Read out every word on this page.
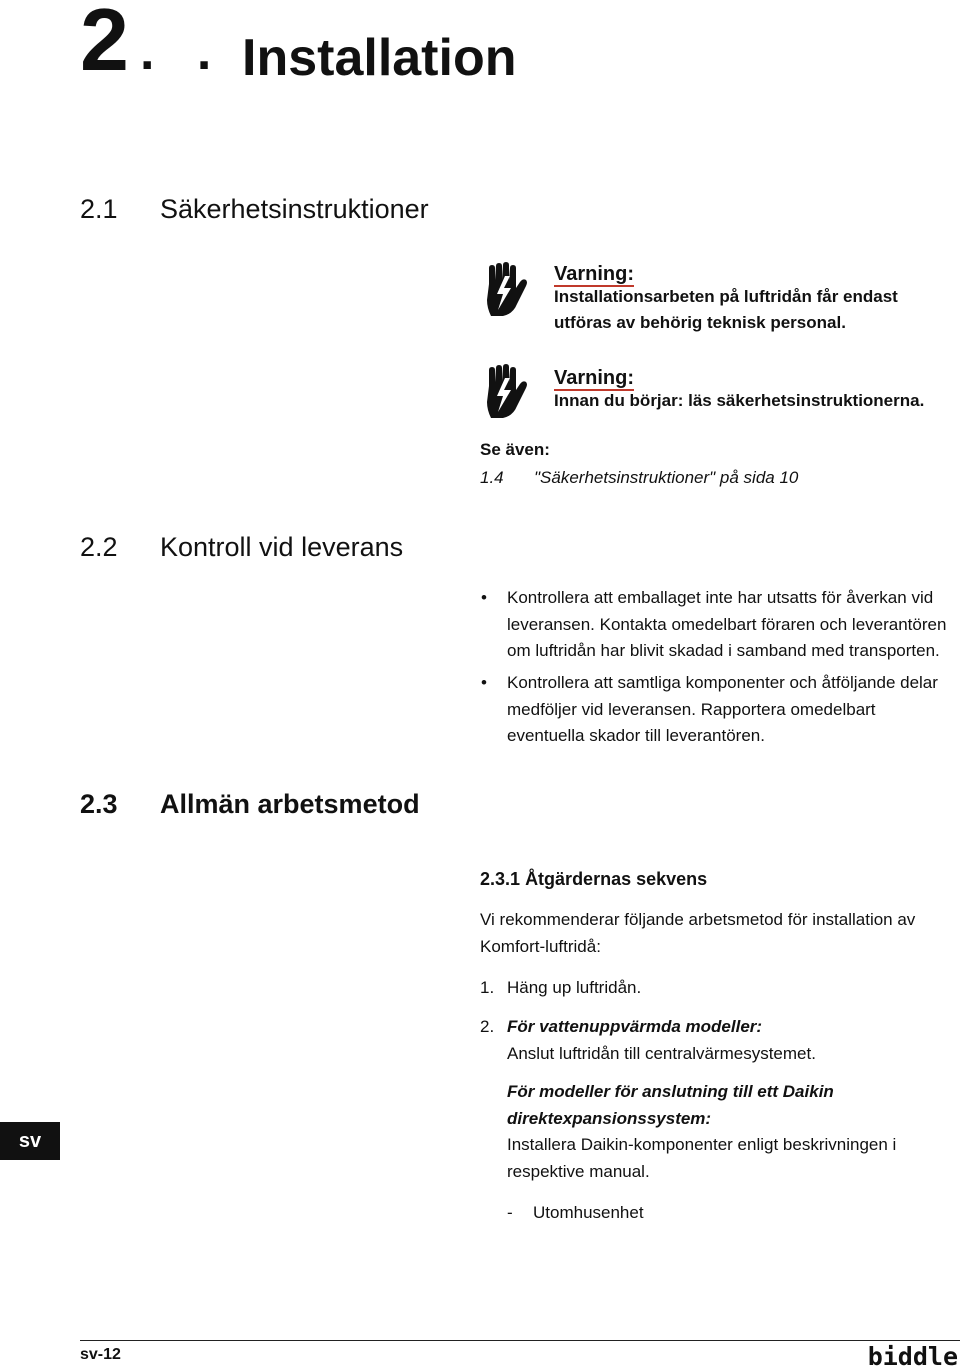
2 . . Installation
2.1 Säkerhetsinstruktioner
Varning:
Installationsarbeten på luftridån får endast
utföras av behörig teknisk personal.
Varning:
Innan du börjar: läs säkerhetsinstruktionerna.
Se även:
1.4 "Säkerhetsinstruktioner" på sida 10
2.2 Kontroll vid leverans
• Kontrollera att emballaget inte har utsatts för åverkan vid
leveransen. Kontakta omedelbart föraren och leverantören
om luftridån har blivit skadad i samband med transporten.
• Kontrollera att samtliga komponenter och åtföljande delar
medföljer vid leveransen. Rapportera omedelbart
eventuella skador till leverantören.
2.3 Allmän arbetsmetod
2.3.1 Åtgärdernas sekvens
Vi rekommenderar följande arbetsmetod för installation av
Komfort-luftridå:
1. Häng up luftridån.
2. För vattenuppvärmda modeller:
Anslut luftridån till centralvärmesystemet.
För modeller för anslutning till ett Daikin
direktexpansionssystem:
Installera Daikin-komponenter enligt beskrivningen i
respektive manual.
- Utomhusenhet
sv
sv-12	biddle
